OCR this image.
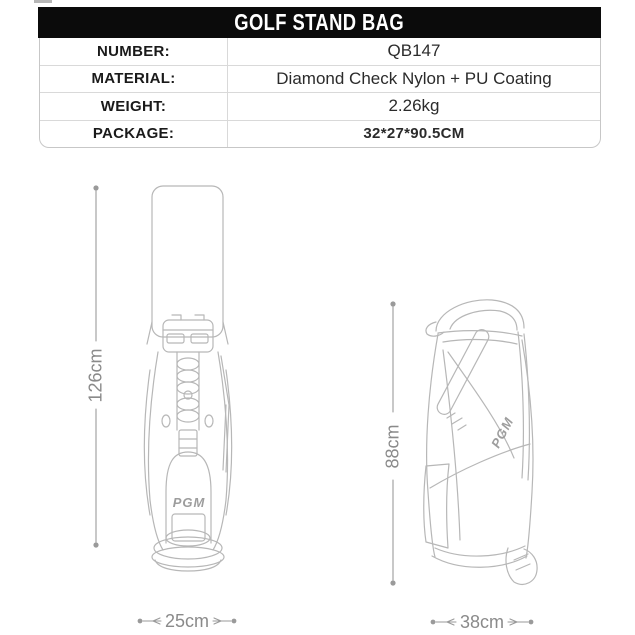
GOLF STAND BAG
NUMBER:	QB147
MATERIAL:	Diamond Check Nylon + PU Coating
WEIGHT:	2.26kg
PACKAGE:	32*27*90.5CM
126cm
88cm
25cm	38cm
PGM
PGM
